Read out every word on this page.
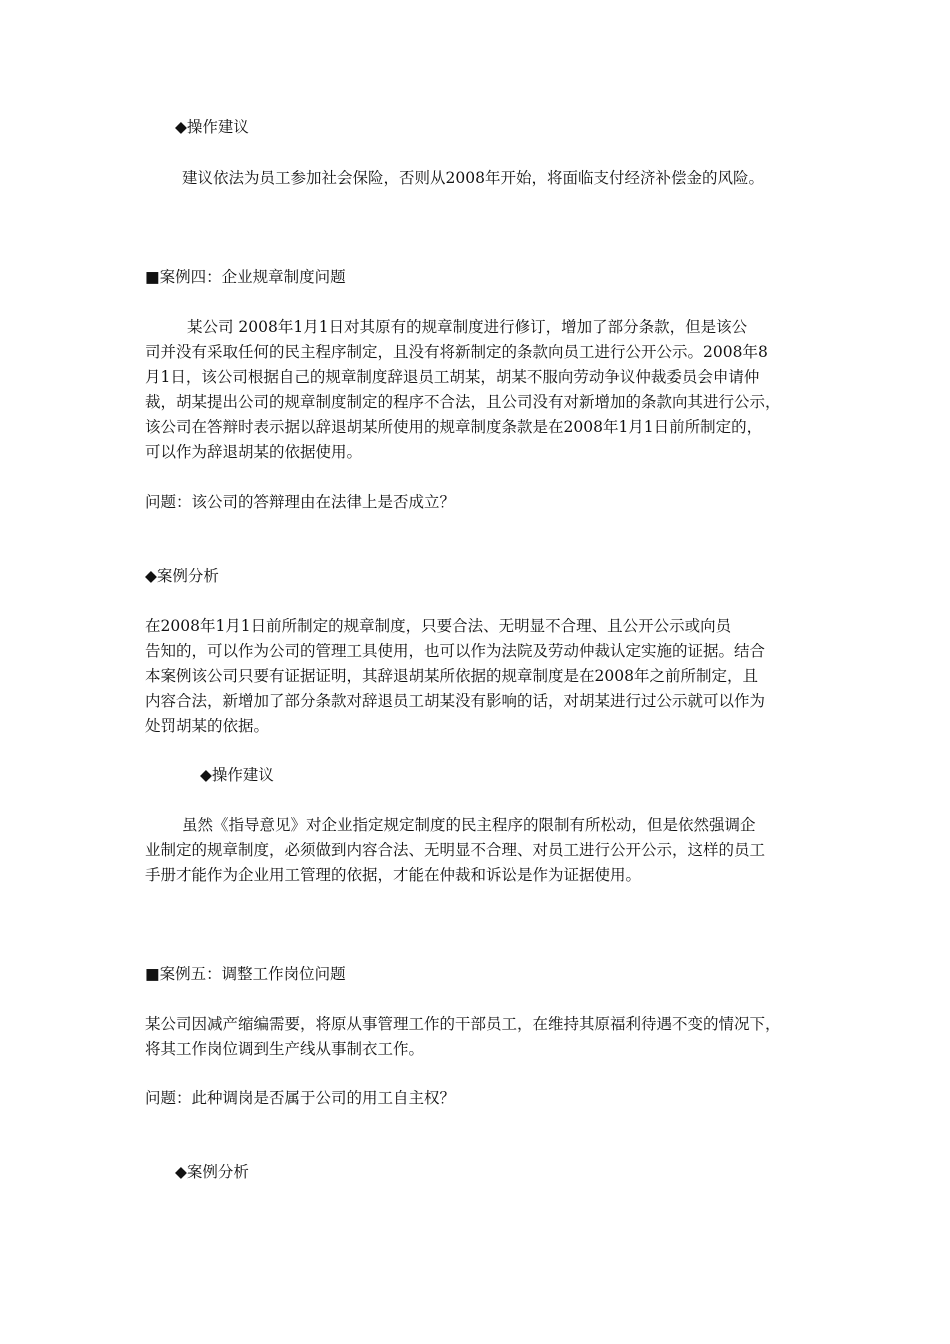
◆操作建议
建议依法为员工参加社会保险，否则从2008年开始，将面临支付经济补偿金的风险。
■案例四：企业规章制度问题
某公司 2008年1月1日对其原有的规章制度进行修订，增加了部分条款，但是该公
司并没有采取任何的民主程序制定，且没有将新制定的条款向员工进行公开公示。2008年8
月1日，该公司根据自己的规章制度辞退员工胡某，胡某不服向劳动争议仲裁委员会申请仲
裁，胡某提出公司的规章制度制定的程序不合法，且公司没有对新增加的条款向其进行公示，
该公司在答辩时表示据以辞退胡某所使用的规章制度条款是在2008年1月1日前所制定的，
可以作为辞退胡某的依据使用。
问题：该公司的答辩理由在法律上是否成立？
◆案例分析
在2008年1月1日前所制定的规章制度，只要合法、无明显不合理、且公开公示或向员
告知的，可以作为公司的管理工具使用，也可以作为法院及劳动仲裁认定实施的证据。结合
本案例该公司只要有证据证明，其辞退胡某所依据的规章制度是在2008年之前所制定，且
内容合法，新增加了部分条款对辞退员工胡某没有影响的话，对胡某进行过公示就可以作为
处罚胡某的依据。
◆操作建议
虽然《指导意见》对企业指定规定制度的民主程序的限制有所松动，但是依然强调企
业制定的规章制度，必须做到内容合法、无明显不合理、对员工进行公开公示，这样的员工
手册才能作为企业用工管理的依据，才能在仲裁和诉讼是作为证据使用。
■案例五：调整工作岗位问题
某公司因减产缩编需要，将原从事管理工作的干部员工，在维持其原福利待遇不变的情况下，
将其工作岗位调到生产线从事制衣工作。
问题：此种调岗是否属于公司的用工自主权？
◆案例分析
